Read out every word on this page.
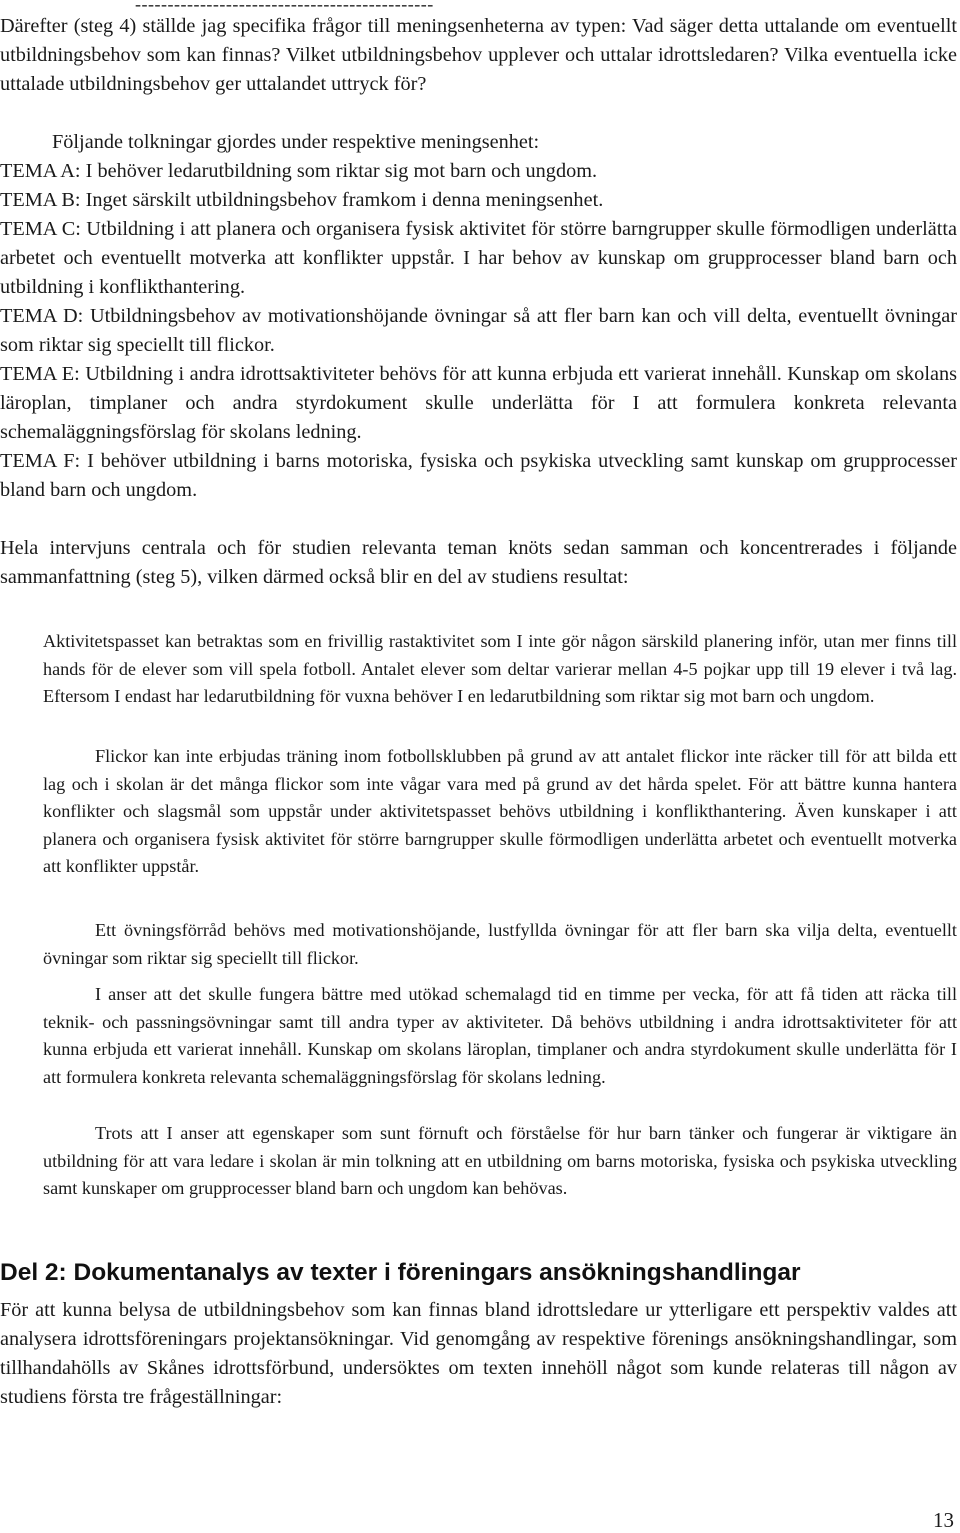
----------------------------------------------

Därefter (steg 4) ställde jag specifika frågor till meningsenheterna av typen: Vad säger detta uttalande om eventuellt utbildningsbehov som kan finnas? Vilket utbildningsbehov upplever och uttalar idrottsledaren? Vilka eventuella icke uttalade utbildningsbehov ger uttalandet uttryck för?

Följande tolkningar gjordes under respektive meningsenhet:

TEMA A: I behöver ledarutbildning som riktar sig mot barn och ungdom.

TEMA B: Inget särskilt utbildningsbehov framkom i denna meningsenhet.

TEMA C: Utbildning i att planera och organisera fysisk aktivitet för större barngrupper skulle förmodligen underlätta arbetet och eventuellt motverka att konflikter uppstår. I har behov av kunskap om grupprocesser bland barn och utbildning i konflikthantering.

TEMA D: Utbildningsbehov av motivationshöjande övningar så att fler barn kan och vill delta, eventuellt övningar som riktar sig speciellt till flickor.

TEMA E: Utbildning i andra idrottsaktiviteter behövs för att kunna erbjuda ett varierat innehåll. Kunskap om skolans läroplan, timplaner och andra styrdokument skulle underlätta för I att formulera konkreta relevanta schemaläggningsförslag för skolans ledning.

TEMA F: I behöver utbildning i barns motoriska, fysiska och psykiska utveckling samt kunskap om grupprocesser bland barn och ungdom.

Hela intervjuns centrala och för studien relevanta teman knöts sedan samman och koncentrerades i följande sammanfattning (steg 5), vilken därmed också blir en del av studiens resultat:

Aktivitetspasset kan betraktas som en frivillig rastaktivitet som I inte gör någon särskild planering inför, utan mer finns till hands för de elever som vill spela fotboll. Antalet elever som deltar varierar mellan 4-5 pojkar upp till 19 elever i två lag. Eftersom I endast har ledarutbildning för vuxna behöver I en ledarutbildning som riktar sig mot barn och ungdom.

Flickor kan inte erbjudas träning inom fotbollsklubben på grund av att antalet flickor inte räcker till för att bilda ett lag och i skolan är det många flickor som inte vågar vara med på grund av det hårda spelet. För att bättre kunna hantera konflikter och slagsmål som uppstår under aktivitetspasset behövs utbildning i konflikthantering. Även kunskaper i att planera och organisera fysisk aktivitet för större barngrupper skulle förmodligen underlätta arbetet och eventuellt motverka att konflikter uppstår.

Ett övningsförråd behövs med motivationshöjande, lustfyllda övningar för att fler barn ska vilja delta, eventuellt övningar som riktar sig speciellt till flickor.

I anser att det skulle fungera bättre med utökad schemalagd tid en timme per vecka, för att få tiden att räcka till teknik- och passningsövningar samt till andra typer av aktiviteter. Då behövs utbildning i andra idrottsaktiviteter för att kunna erbjuda ett varierat innehåll. Kunskap om skolans läroplan, timplaner och andra styrdokument skulle underlätta för I att formulera konkreta relevanta schemaläggningsförslag för skolans ledning.

Trots att I anser att egenskaper som sunt förnuft och förståelse för hur barn tänker och fungerar är viktigare än utbildning för att vara ledare i skolan är min tolkning att en utbildning om barns motoriska, fysiska och psykiska utveckling samt kunskaper om grupprocesser bland barn och ungdom kan behövas.

Del 2: Dokumentanalys av texter i föreningars ansökningshandlingar

För att kunna belysa de utbildningsbehov som kan finnas bland idrottsledare ur ytterligare ett perspektiv valdes att analysera idrottsföreningars projektansökningar. Vid genomgång av respektive förenings ansökningshandlingar, som tillhandahölls av Skånes idrottsförbund, undersöktes om texten innehöll något som kunde relateras till någon av studiens första tre frågeställningar:

13
